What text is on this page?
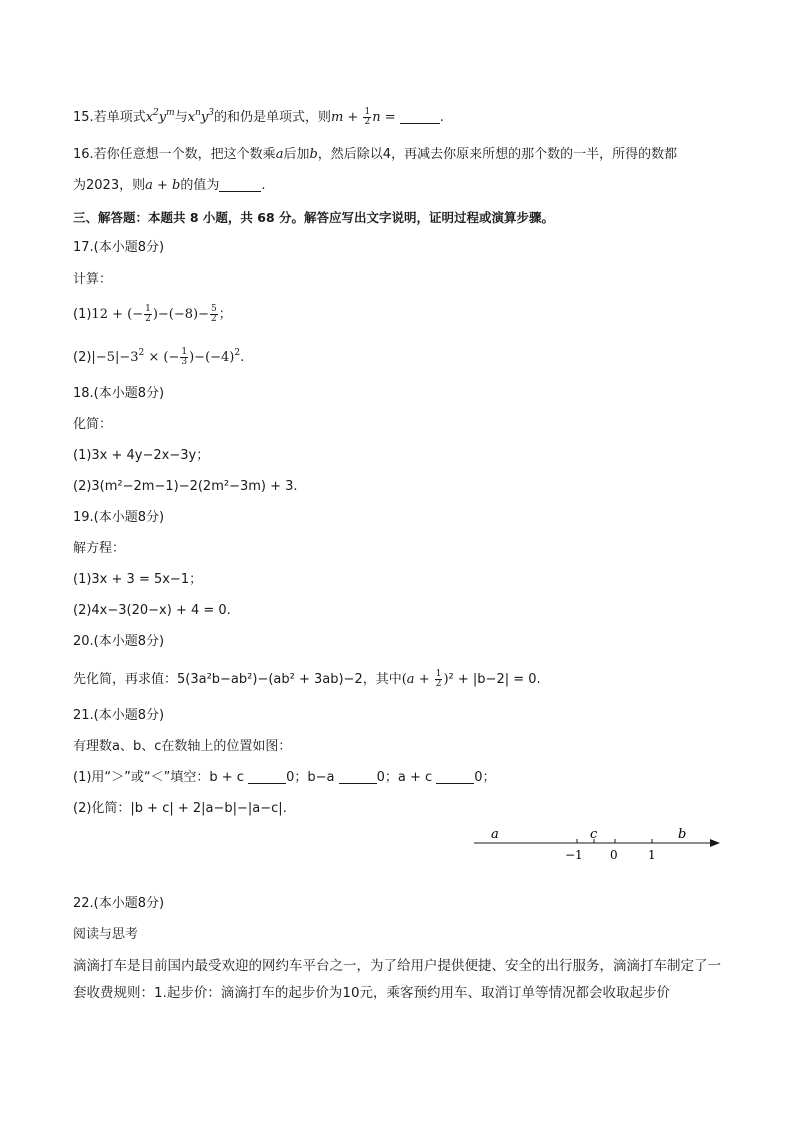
15.若单项式$x^2y^m$与$x^ny^3$的和仍是单项式，则$m + \frac{1}{2}$ n =	.
16.若你任意想一个数，把这个数乘a后加b，然后除以4，再减去你原来所想的那个数的一半，所得的数都
为2023，则a + b的值为	.
三、解答题：本题共 8 小题，共 68 分。解答应写出文字说明，证明过程或演算步骤。
17.(本小题8分)
计算：
(1)12 + (− $\frac{1}{2} )-(-8)- \frac{5}{2}$ ；
$(2)|-5|-3^2$ × (− $\frac{1}{3} )-(-4)^2$.
18.(本小题8分)
化简：
(1)3x + 4y−2x−3y；
(2)3(m²−2m−1)−2(2m²−3m) + 3.
19.(本小题8分)
解方程：
(1)3x + 3 = 5x−1；
(2)4x−3(20−x) + 4 = 0.
20.(本小题8分)
先化简，再求值：5(3a²b−ab²)−(ab² + 3ab)−2，其中$(a + \frac{1}{2} )^2 + |b-2| = 0$.
21.(本小题8分)
有理数a、b、c在数轴上的位置如图：
(1)用“＞”或“＜”填空：b + c	0；b−a	0；a + c	0；
(2)化简：|b + c| + 2|a−b|−|a−c|.
a	c	b
−1 0	1
22.(本小题8分)
阅读与思考
滴滴打车是目前国内最受欢迎的网约车平台之一，为了给用户提供便捷、安全的出行服务，滴滴打车制定了一套收费规则：1.起步价：滴滴打车的起步价为10元，乘客预约用车、取消订单等情况都会收取起步价
